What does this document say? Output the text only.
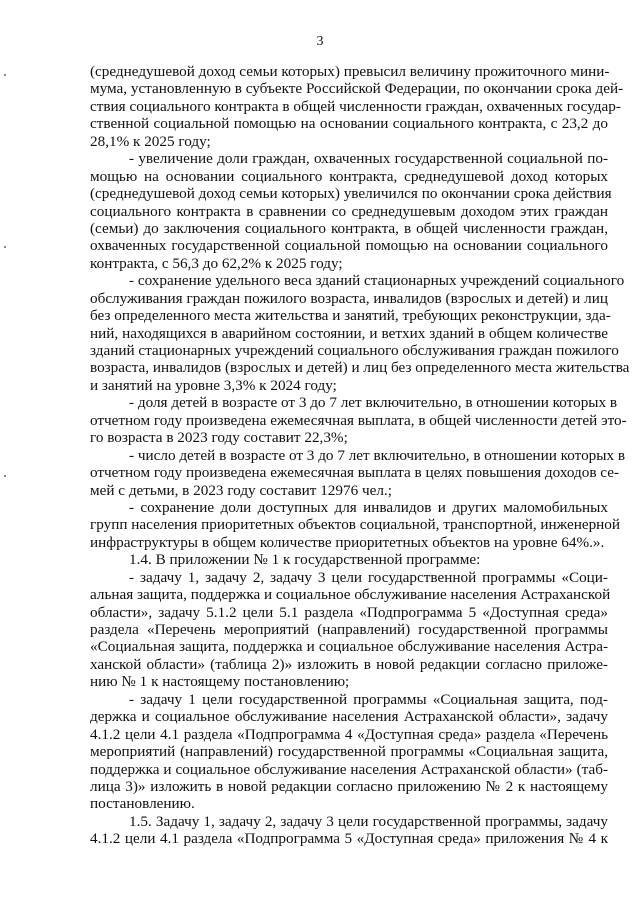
3
(среднедушевой доход семьи которых) превысил величину прожиточного мини-
мума, установленную в субъекте Российской Федерации, по окончании срока дей-
ствия социального контракта в общей численности граждан, охваченных государ-
ственной социальной помощью на основании социального контракта, с 23,2 до
28,1% к 2025 году;
- увеличение доли граждан, охваченных государственной социальной по-
мощью на основании социального контракта, среднедушевой доход которых
(среднедушевой доход семьи которых) увеличился по окончании срока действия
социального контракта в сравнении со среднедушевым доходом этих граждан
(семьи) до заключения социального контракта, в общей численности граждан,
охваченных государственной социальной помощью на основании социального
контракта, с 56,3 до 62,2% к 2025 году;
- сохранение удельного веса зданий стационарных учреждений социального
обслуживания граждан пожилого возраста, инвалидов (взрослых и детей) и лиц
без определенного места жительства и занятий, требующих реконструкции, зда-
ний, находящихся в аварийном состоянии, и ветхих зданий в общем количестве
зданий стационарных учреждений социального обслуживания граждан пожилого
возраста, инвалидов (взрослых и детей) и лиц без определенного места жительства
и занятий на уровне 3,3% к 2024 году;
- доля детей в возрасте от 3 до 7 лет включительно, в отношении которых в
отчетном году произведена ежемесячная выплата, в общей численности детей это-
го возраста в 2023 году составит 22,3%;
- число детей в возрасте от 3 до 7 лет включительно, в отношении которых в
отчетном году произведена ежемесячная выплата в целях повышения доходов се-
мей с детьми, в 2023 году составит 12976 чел.;
- сохранение доли доступных для инвалидов и других маломобильных
групп населения приоритетных объектов социальной, транспортной, инженерной
инфраструктуры в общем количестве приоритетных объектов на уровне 64%.».
1.4. В приложении № 1 к государственной программе:
- задачу 1, задачу 2, задачу 3 цели государственной программы «Соци-
альная защита, поддержка и социальное обслуживание населения Астраханской
области», задачу 5.1.2 цели 5.1 раздела «Подпрограмма 5 «Доступная среда»
раздела «Перечень мероприятий (направлений) государственной программы
«Социальная защита, поддержка и социальное обслуживание населения Астра-
ханской области» (таблица 2)» изложить в новой редакции согласно приложе-
нию № 1 к настоящему постановлению;
- задачу 1 цели государственной программы «Социальная защита, под-
держка и социальное обслуживание населения Астраханской области», задачу
4.1.2 цели 4.1 раздела «Подпрограмма 4 «Доступная среда» раздела «Перечень
мероприятий (направлений) государственной программы «Социальная защита,
поддержка и социальное обслуживание населения Астраханской области» (таб-
лица 3)» изложить в новой редакции согласно приложению № 2 к настоящему
постановлению.
1.5. Задачу 1, задачу 2, задачу 3 цели государственной программы, задачу
4.1.2 цели 4.1 раздела «Подпрограмма 5 «Доступная среда» приложения № 4 к
